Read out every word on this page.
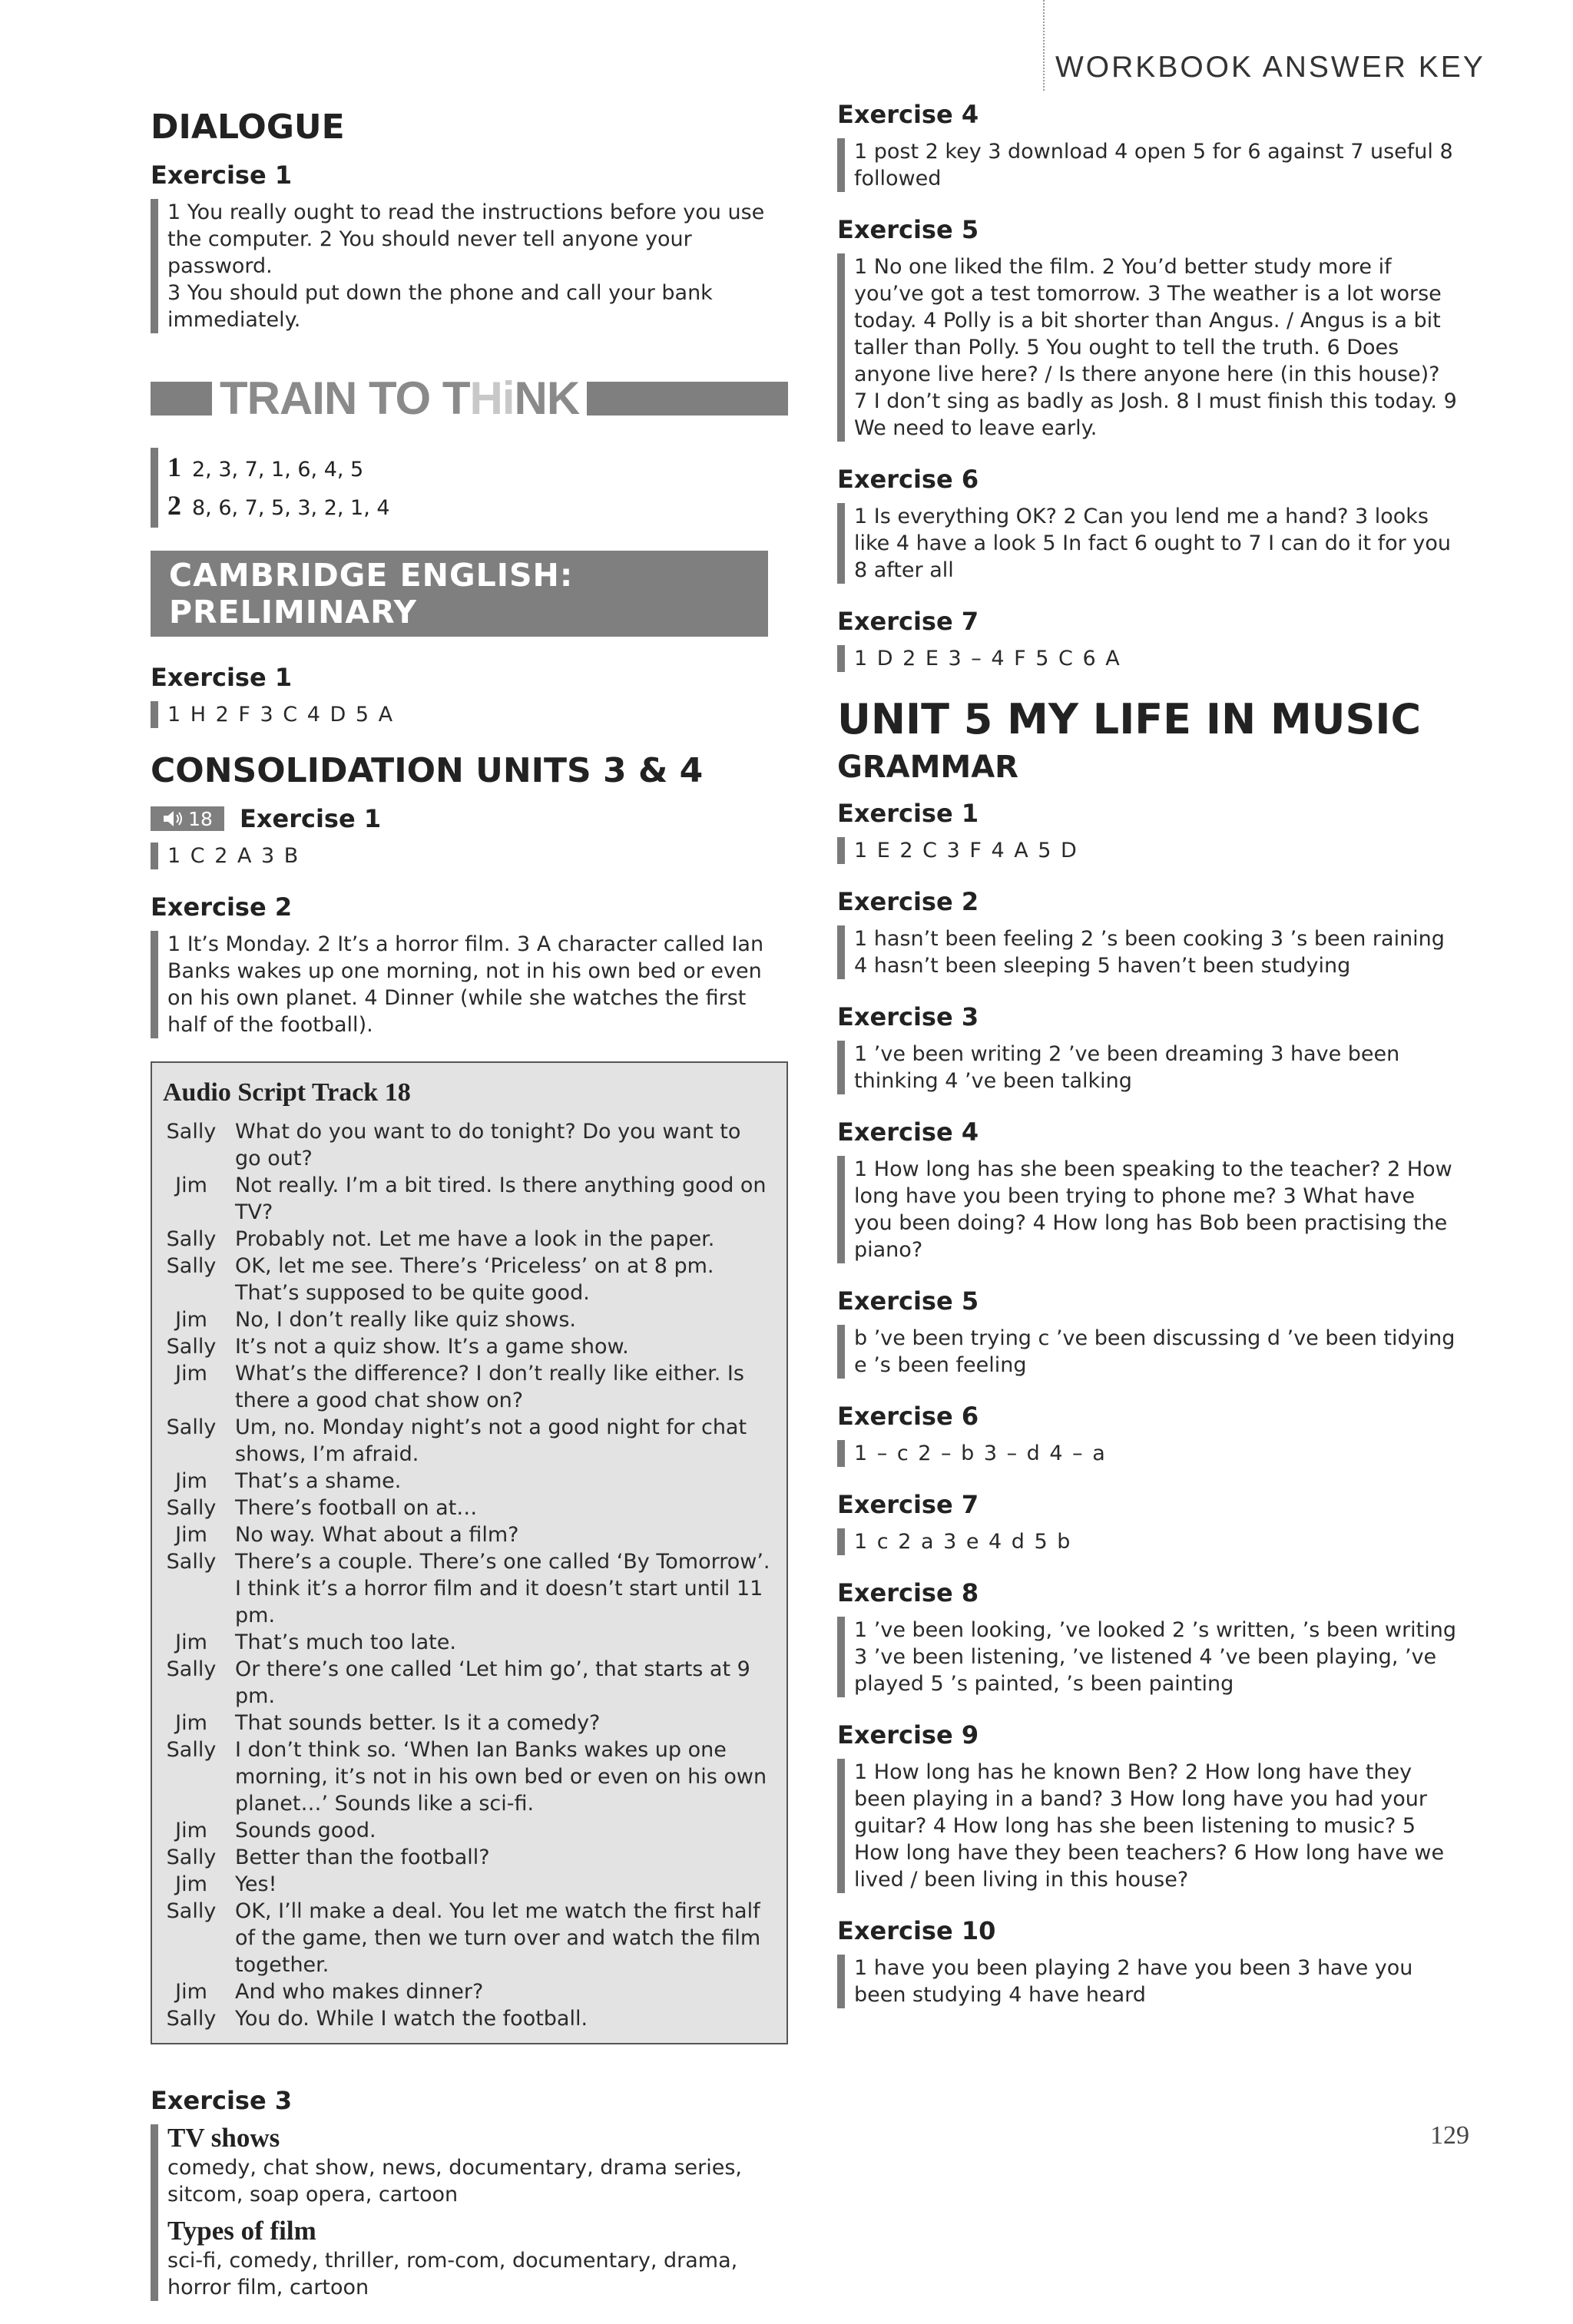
WORKBOOK ANSWER KEY
DIALOGUE
Exercise 1
1 You really ought to read the instructions before you use the computer. 2 You should never tell anyone your password.
3 You should put down the phone and call your bank immediately.
TRAIN TO THiNK
1 2, 3, 7, 1, 6, 4, 5
2 8, 6, 7, 5, 3, 2, 1, 4
CAMBRIDGE ENGLISH: PRELIMINARY
Exercise 1
1 H 2 F 3 C 4 D 5 A
CONSOLIDATION UNITS 3 & 4
18 Exercise 1
1 C 2 A 3 B
Exercise 2
1 It’s Monday. 2 It’s a horror film. 3 A character called Ian Banks wakes up one morning, not in his own bed or even on his own planet. 4 Dinner (while she watches the first half of the football).
Audio Script Track 18
Sally What do you want to do tonight? Do you want to go out?
Jim	Not really. I’m a bit tired. Is there anything good on TV?
Sally Probably not. Let me have a look in the paper.
Sally OK, let me see. There’s ‘Priceless’ on at 8 pm. That’s supposed to be quite good.
Jim	No, I don’t really like quiz shows.
Sally It’s not a quiz show. It’s a game show.
Jim	What’s the difference? I don’t really like either. Is there a good chat show on?
Sally Um, no. Monday night’s not a good night for chat shows, I’m afraid.
Jim	That’s a shame.
Sally There’s football on at…
Jim	No way. What about a film?
Sally There’s a couple. There’s one called ‘By Tomorrow’. I think it’s a horror film and it doesn’t start until 11 pm.
Jim	That’s much too late.
Sally Or there’s one called ‘Let him go’, that starts at 9 pm.
Jim	That sounds better. Is it a comedy?
Sally I don’t think so. ‘When Ian Banks wakes up one morning, it’s not in his own bed or even on his own planet…’ Sounds like a sci-fi.
Jim	Sounds good.
Sally Better than the football?
Jim	Yes!
Sally OK, I’ll make a deal. You let me watch the first half of the game, then we turn over and watch the film together.
Jim	And who makes dinner?
Sally You do. While I watch the football.
Exercise 3
TV shows
comedy, chat show, news, documentary, drama series, sitcom, soap opera, cartoon
Types of film
sci-fi, comedy, thriller, rom-com, documentary, drama, horror film, cartoon
Exercise 4
1 post 2 key 3 download 4 open 5 for 6 against 7 useful 8 followed
Exercise 5
1 No one liked the film. 2 You’d better study more if you’ve got a test tomorrow. 3 The weather is a lot worse today. 4 Polly is a bit shorter than Angus. / Angus is a bit taller than Polly. 5 You ought to tell the truth. 6 Does anyone live here? / Is there anyone here (in this house)? 7 I don’t sing as badly as Josh. 8 I must finish this today. 9 We need to leave early.
Exercise 6
1 Is everything OK? 2 Can you lend me a hand? 3 looks like 4 have a look 5 In fact 6 ought to 7 I can do it for you 8 after all
Exercise 7
1 D 2 E 3 – 4 F 5 C 6 A
UNIT 5 MY LIFE IN MUSIC
GRAMMAR
Exercise 1
1 E 2 C 3 F 4 A 5 D
Exercise 2
1 hasn’t been feeling 2 ’s been cooking 3 ’s been raining 4 hasn’t been sleeping 5 haven’t been studying
Exercise 3
1 ’ve been writing 2 ’ve been dreaming 3 have been thinking 4 ’ve been talking
Exercise 4
1 How long has she been speaking to the teacher? 2 How long have you been trying to phone me? 3 What have you been doing? 4 How long has Bob been practising the piano?
Exercise 5
b ’ve been trying c ’ve been discussing d ’ve been tidying e ’s been feeling
Exercise 6
1 – c 2 – b 3 – d 4 – a
Exercise 7
1 c 2 a 3 e 4 d 5 b
Exercise 8
1 ’ve been looking, ’ve looked 2 ’s written, ’s been writing 3 ’ve been listening, ’ve listened 4 ’ve been playing, ’ve played 5 ’s painted, ’s been painting
Exercise 9
1 How long has he known Ben? 2 How long have they been playing in a band? 3 How long have you had your guitar? 4 How long has she been listening to music? 5 How long have they been teachers? 6 How long have we lived / been living in this house?
Exercise 10
1 have you been playing 2 have you been 3 have you been studying 4 have heard
129
